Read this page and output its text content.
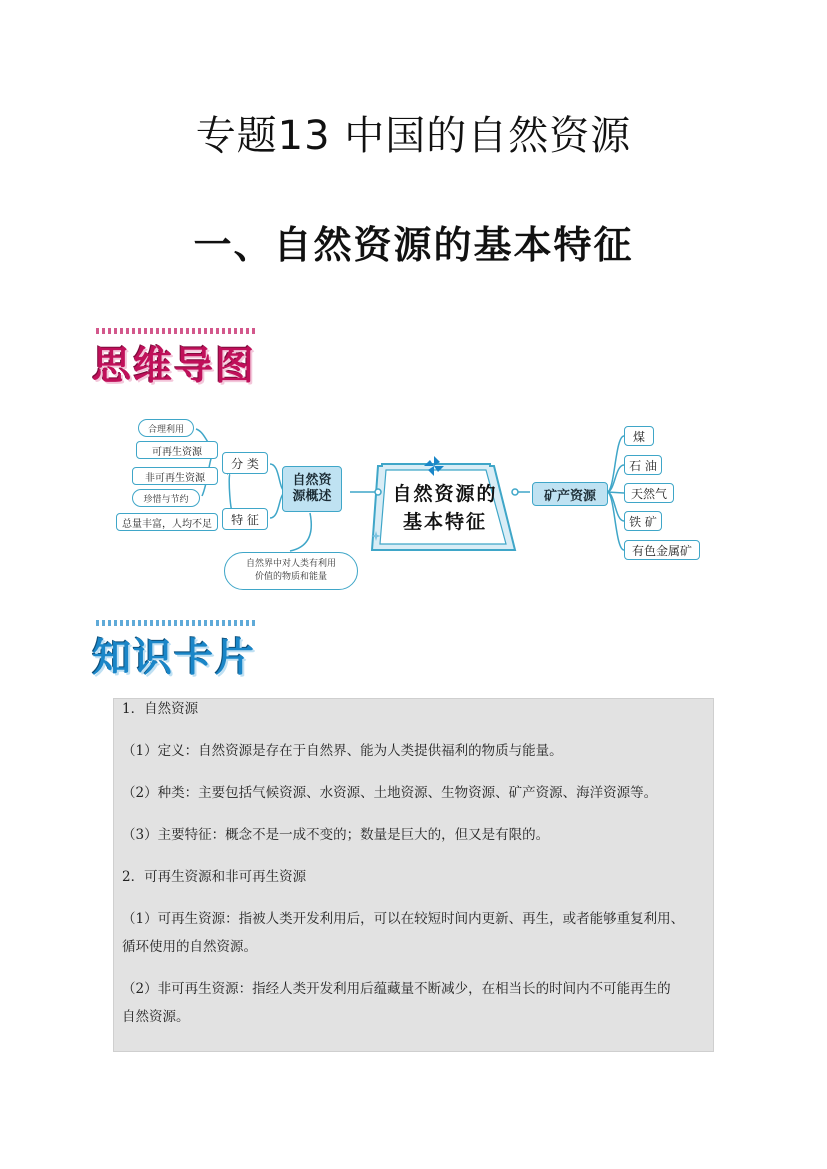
专题13 中国的自然资源
一、自然资源的基本特征
思维导图
合理利用
可再生资源
非可再生资源
珍惜与节约
总量丰富，人均不足
分 类
特 征
自然资源概述	自然资源的基本特征
矿产资源
自然界中对人类有利用
价值的物质和能量
煤
石 油
天然气
铁 矿
有色金属矿
知识卡片
1．自然资源
（1）定义：自然资源是存在于自然界、能为人类提供福利的物质与能量。
（2）种类：主要包括气候资源、水资源、土地资源、生物资源、矿产资源、海洋资源等。
（3）主要特征：概念不是一成不变的；数量是巨大的，但又是有限的。
2．可再生资源和非可再生资源
（1）可再生资源：指被人类开发利用后，可以在较短时间内更新、再生，或者能够重复利用、
循环使用的自然资源。
（2）非可再生资源：指经人类开发利用后蕴藏量不断减少，在相当长的时间内不可能再生的
自然资源。
